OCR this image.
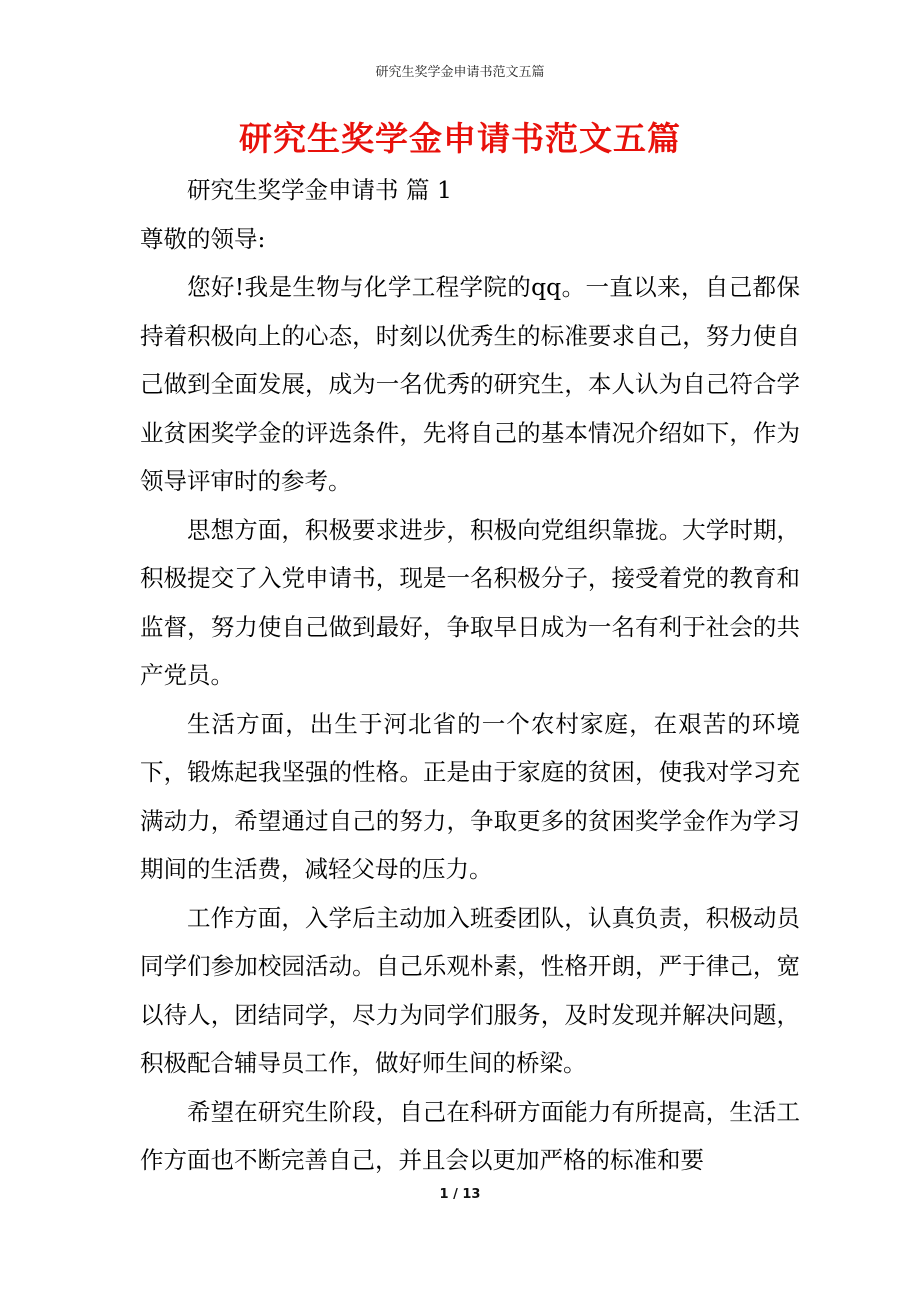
研究生奖学金申请书范文五篇
研究生奖学金申请书范文五篇

研究生奖学金申请书 篇 1

尊敬的领导:

您好!我是生物与化学工程学院的qq。一直以来，自己都保持着积极向上的心态，时刻以优秀生的标准要求自己，努力使自己做到全面发展，成为一名优秀的研究生，本人认为自己符合学业贫困奖学金的评选条件，先将自己的基本情况介绍如下，作为领导评审时的参考。

思想方面，积极要求进步，积极向党组织靠拢。大学时期，积极提交了入党申请书，现是一名积极分子，接受着党的教育和监督，努力使自己做到最好，争取早日成为一名有利于社会的共产党员。

生活方面，出生于河北省的一个农村家庭，在艰苦的环境下，锻炼起我坚强的性格。正是由于家庭的贫困，使我对学习充满动力，希望通过自己的努力，争取更多的贫困奖学金作为学习期间的生活费，减轻父母的压力。

工作方面，入学后主动加入班委团队，认真负责，积极动员同学们参加校园活动。自己乐观朴素，性格开朗，严于律己，宽以待人，团结同学，尽力为同学们服务，及时发现并解决问题，积极配合辅导员工作，做好师生间的桥梁。

希望在研究生阶段，自己在科研方面能力有所提高，生活工作方面也不断完善自己，并且会以更加严格的标准和要

1 / 13
